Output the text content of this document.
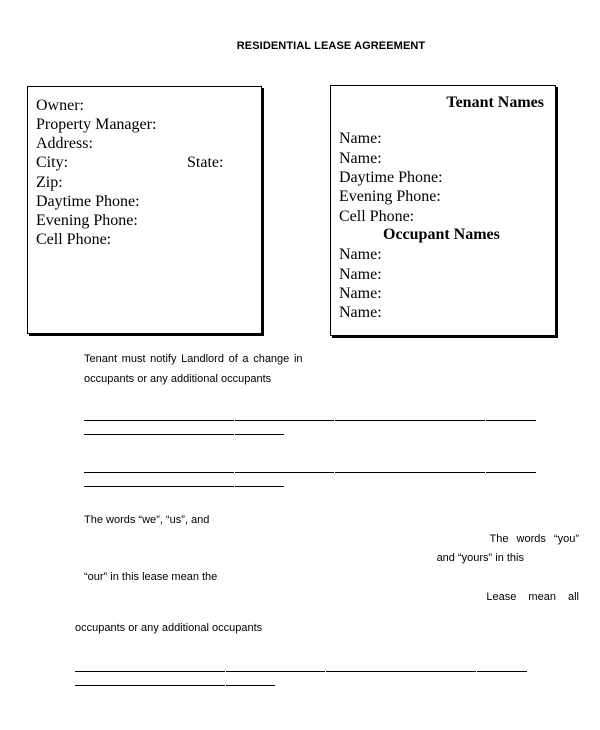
RESIDENTIAL LEASE AGREEMENT
Owner:
Property Manager:
Address:
City:	State:
Zip:
Daytime Phone:
Evening Phone:
Cell Phone:
Tenant Names
Name:
Name:
Daytime Phone:
Evening Phone:
Cell Phone:
Occupant Names
Name:
Name:
Name:
Name:
Tenant must notify Landlord of a change in
occupants or any additional occupants
The words “we”, “us”, and
The words “you”
and “yours” in this
“our” in this lease mean the
Lease mean all
occupants or any additional occupants
